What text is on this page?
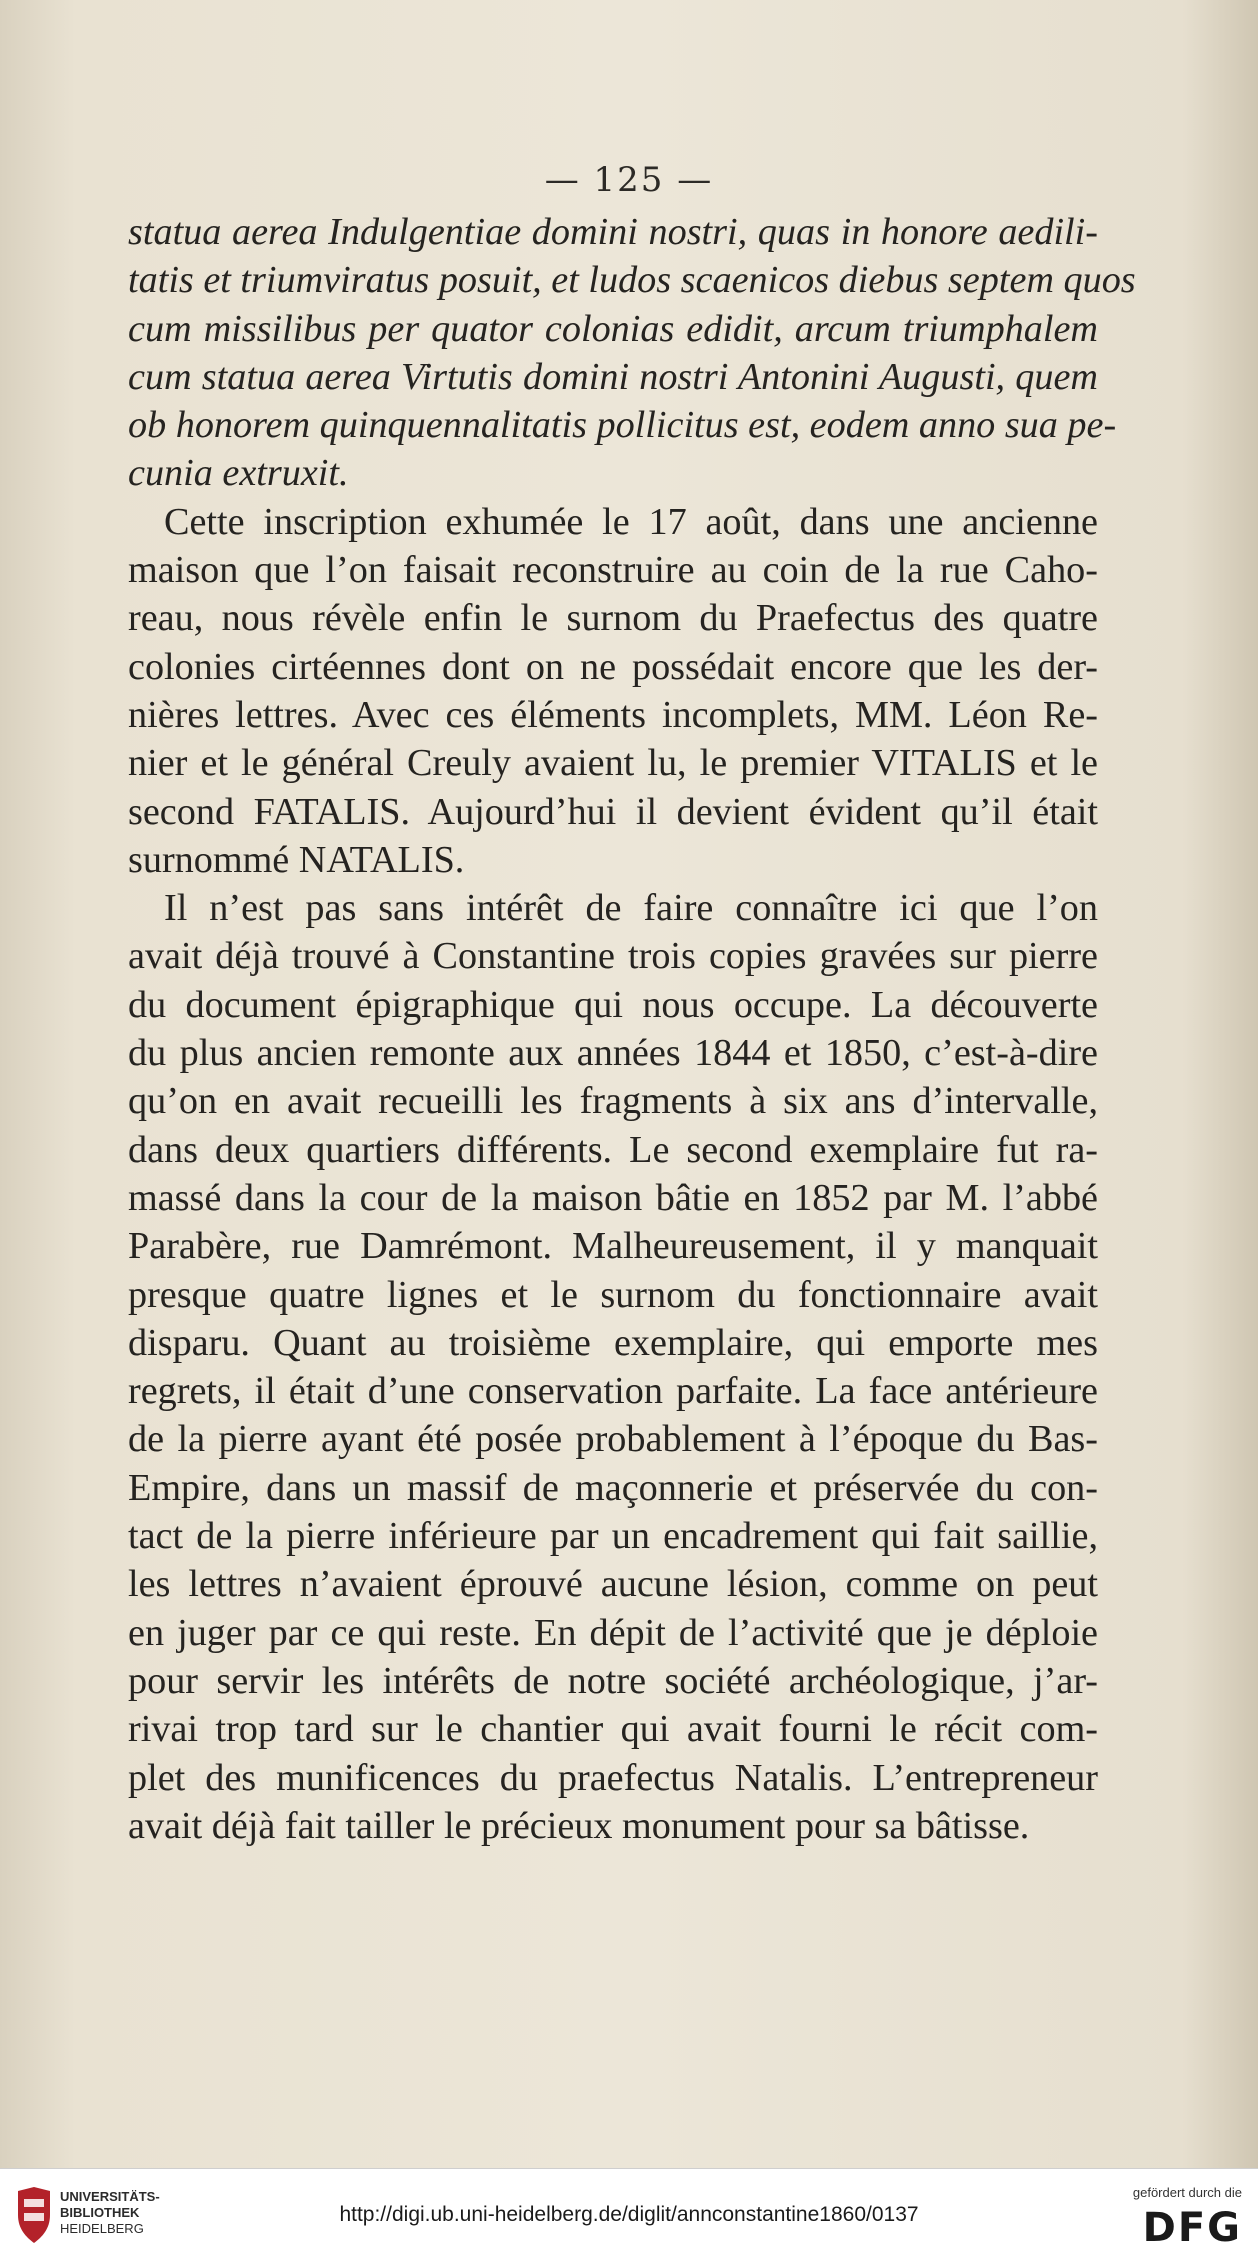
— 125 —
statua aerea Indulgentiae domini nostri, quas in honore aedili-
tatis et triumviratus posuit, et ludos scaenicos diebus septem quos
cum missilibus per quator colonias edidit, arcum triumphalem
cum statua aerea Virtutis domini nostri Antonini Augusti, quem
ob honorem quinquennalitatis pollicitus est, eodem anno sua pe-
cunia extruxit.
Cette inscription exhumée le 17 août, dans une ancienne
maison que l’on faisait reconstruire au coin de la rue Caho-
reau, nous révèle enfin le surnom du Praefectus des quatre
colonies cirtéennes dont on ne possédait encore que les der-
nières lettres. Avec ces éléments incomplets, MM. Léon Re-
nier et le général Creuly avaient lu, le premier VITALIS et le
second FATALIS. Aujourd’hui il devient évident qu’il était
surnommé NATALIS.
Il n’est pas sans intérêt de faire connaître ici que l’on
avait déjà trouvé à Constantine trois copies gravées sur pierre
du document épigraphique qui nous occupe. La découverte
du plus ancien remonte aux années 1844 et 1850, c’est-à-dire
qu’on en avait recueilli les fragments à six ans d’intervalle,
dans deux quartiers différents. Le second exemplaire fut ra-
massé dans la cour de la maison bâtie en 1852 par M. l’abbé
Parabère, rue Damrémont. Malheureusement, il y manquait
presque quatre lignes et le surnom du fonctionnaire avait
disparu. Quant au troisième exemplaire, qui emporte mes
regrets, il était d’une conservation parfaite. La face antérieure
de la pierre ayant été posée probablement à l’époque du Bas-
Empire, dans un massif de maçonnerie et préservée du con-
tact de la pierre inférieure par un encadrement qui fait saillie,
les lettres n’avaient éprouvé aucune lésion, comme on peut
en juger par ce qui reste. En dépit de l’activité que je déploie
pour servir les intérêts de notre société archéologique, j’ar-
rivai trop tard sur le chantier qui avait fourni le récit com-
plet des munificences du praefectus Natalis. L’entrepreneur
avait déjà fait tailler le précieux monument pour sa bâtisse.
UNIVERSITÄTS-
BIBLIOTHEK
HEIDELBERG
http://digi.ub.uni-heidelberg.de/diglit/annconstantine1860/0137
gefördert durch die
DFG
